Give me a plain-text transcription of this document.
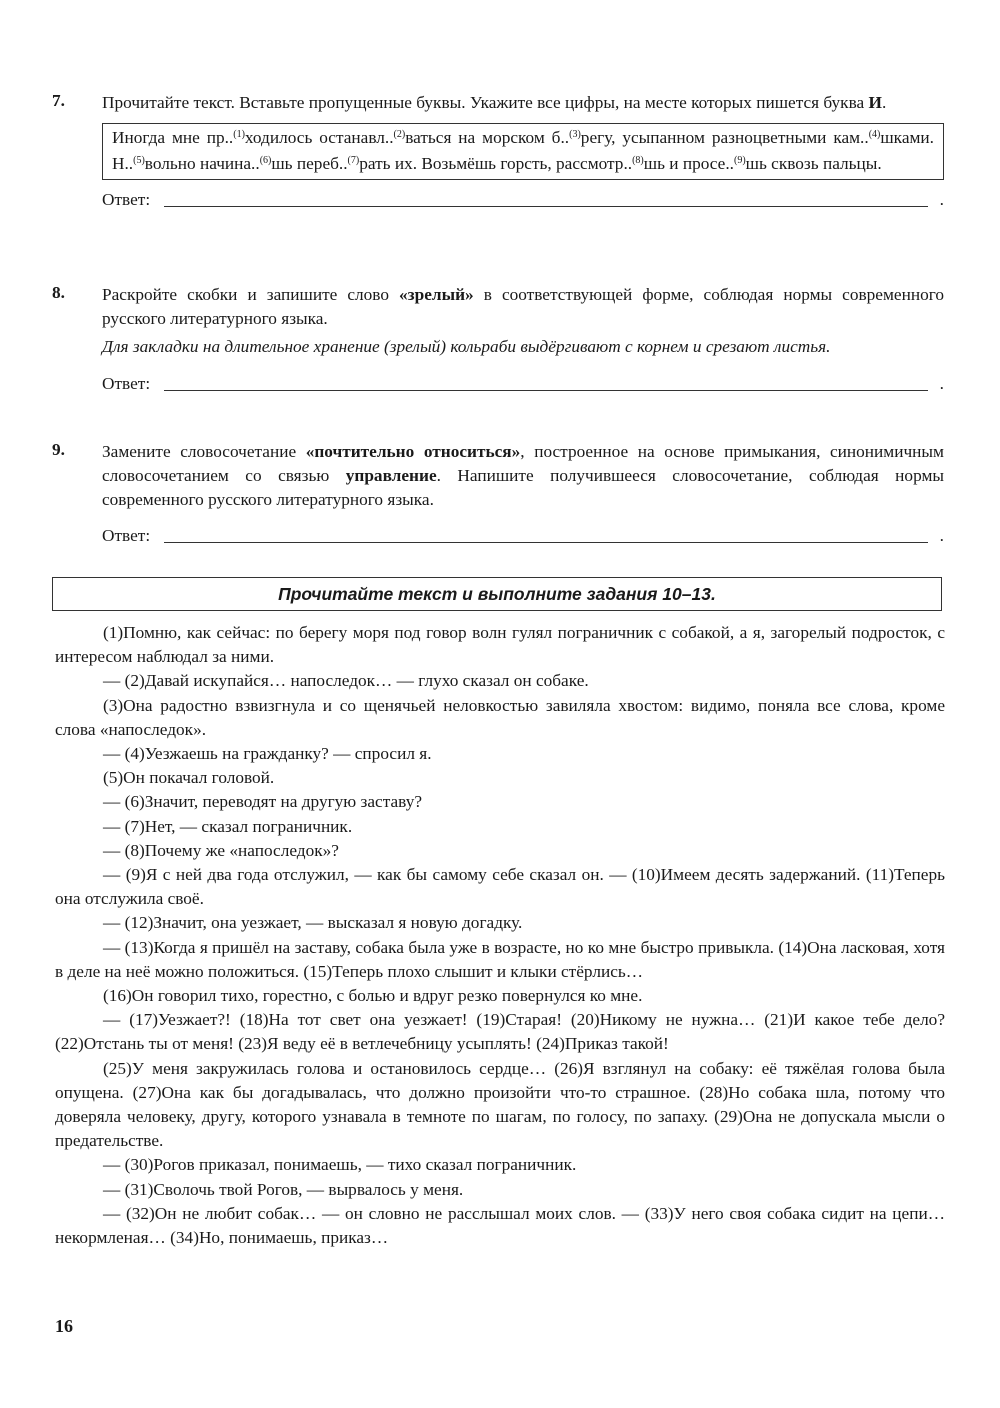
7.	Прочитайте текст. Вставьте пропущенные буквы. Укажите все цифры, на месте которых пишется буква И.
Иногда мне пр..$^{(1)}$ходилось останавл..$^{(2)}$ваться на морском б..$^{(3)}$регу, усыпанном разноцветными кам..$^{(4)}$шками. Н..$^{(5)}$вольно начина..$^{(6)}$шь переб..$^{(7)}$рать их. Возьмёшь горсть, рассмотр..$^{(8)}$шь и просе..$^{(9)}$шь сквозь пальцы.
Ответ:	.
8.	Раскройте скобки и запишите слово «зрелый» в соответствующей форме, соблюдая нормы современного русского литературного языка.
Для закладки на длительное хранение (зрелый) кольраби выдёргивают с корнем и срезают листья.
Ответ:	.
9.	Замените словосочетание «почтительно относиться», построенное на основе примыкания, синонимичным словосочетанием со связью управление. Напишите получившееся словосочетание, соблюдая нормы современного русского литературного языка.
Ответ:	.
Прочитайте текст и выполните задания 10–13.

(1)Помню, как сейчас: по берегу моря под говор волн гулял пограничник с собакой, а я, загорелый подросток, с интересом наблюдал за ними.

— (2)Давай искупайся… напоследок… — глухо сказал он собаке.

(3)Она радостно взвизгнула и со щенячьей неловкостью завиляла хвостом: видимо, поняла все слова, кроме слова «напоследок».

— (4)Уезжаешь на гражданку? — спросил я.

(5)Он покачал головой.

— (6)Значит, переводят на другую заставу?

— (7)Нет, — сказал пограничник.

— (8)Почему же «напоследок»?

— (9)Я с ней два года отслужил, — как бы самому себе сказал он. — (10)Имеем десять задержаний. (11)Теперь она отслужила своё.

— (12)Значит, она уезжает, — высказал я новую догадку.

— (13)Когда я пришёл на заставу, собака была уже в возрасте, но ко мне быстро привыкла. (14)Она ласковая, хотя в деле на неё можно положиться. (15)Теперь плохо слышит и клыки стёрлись…

(16)Он говорил тихо, горестно, с болью и вдруг резко повернулся ко мне.

— (17)Уезжает?! (18)На тот свет она уезжает! (19)Старая! (20)Никому не нужна… (21)И какое тебе дело? (22)Отстань ты от меня! (23)Я веду её в ветлечебницу усыплять! (24)Приказ такой!

(25)У меня закружилась голова и остановилось сердце… (26)Я взглянул на собаку: её тяжёлая голова была опущена. (27)Она как бы догадывалась, что должно произойти что-то страшное. (28)Но собака шла, потому что доверяла человеку, другу, которого узнавала в темноте по шагам, по голосу, по запаху. (29)Она не допускала мысли о предательстве.

— (30)Рогов приказал, понимаешь, — тихо сказал пограничник.

— (31)Сволочь твой Рогов, — вырвалось у меня.

— (32)Он не любит собак… — он словно не расслышал моих слов. — (33)У него своя собака сидит на цепи… некормленая… (34)Но, понимаешь, приказ…

16
